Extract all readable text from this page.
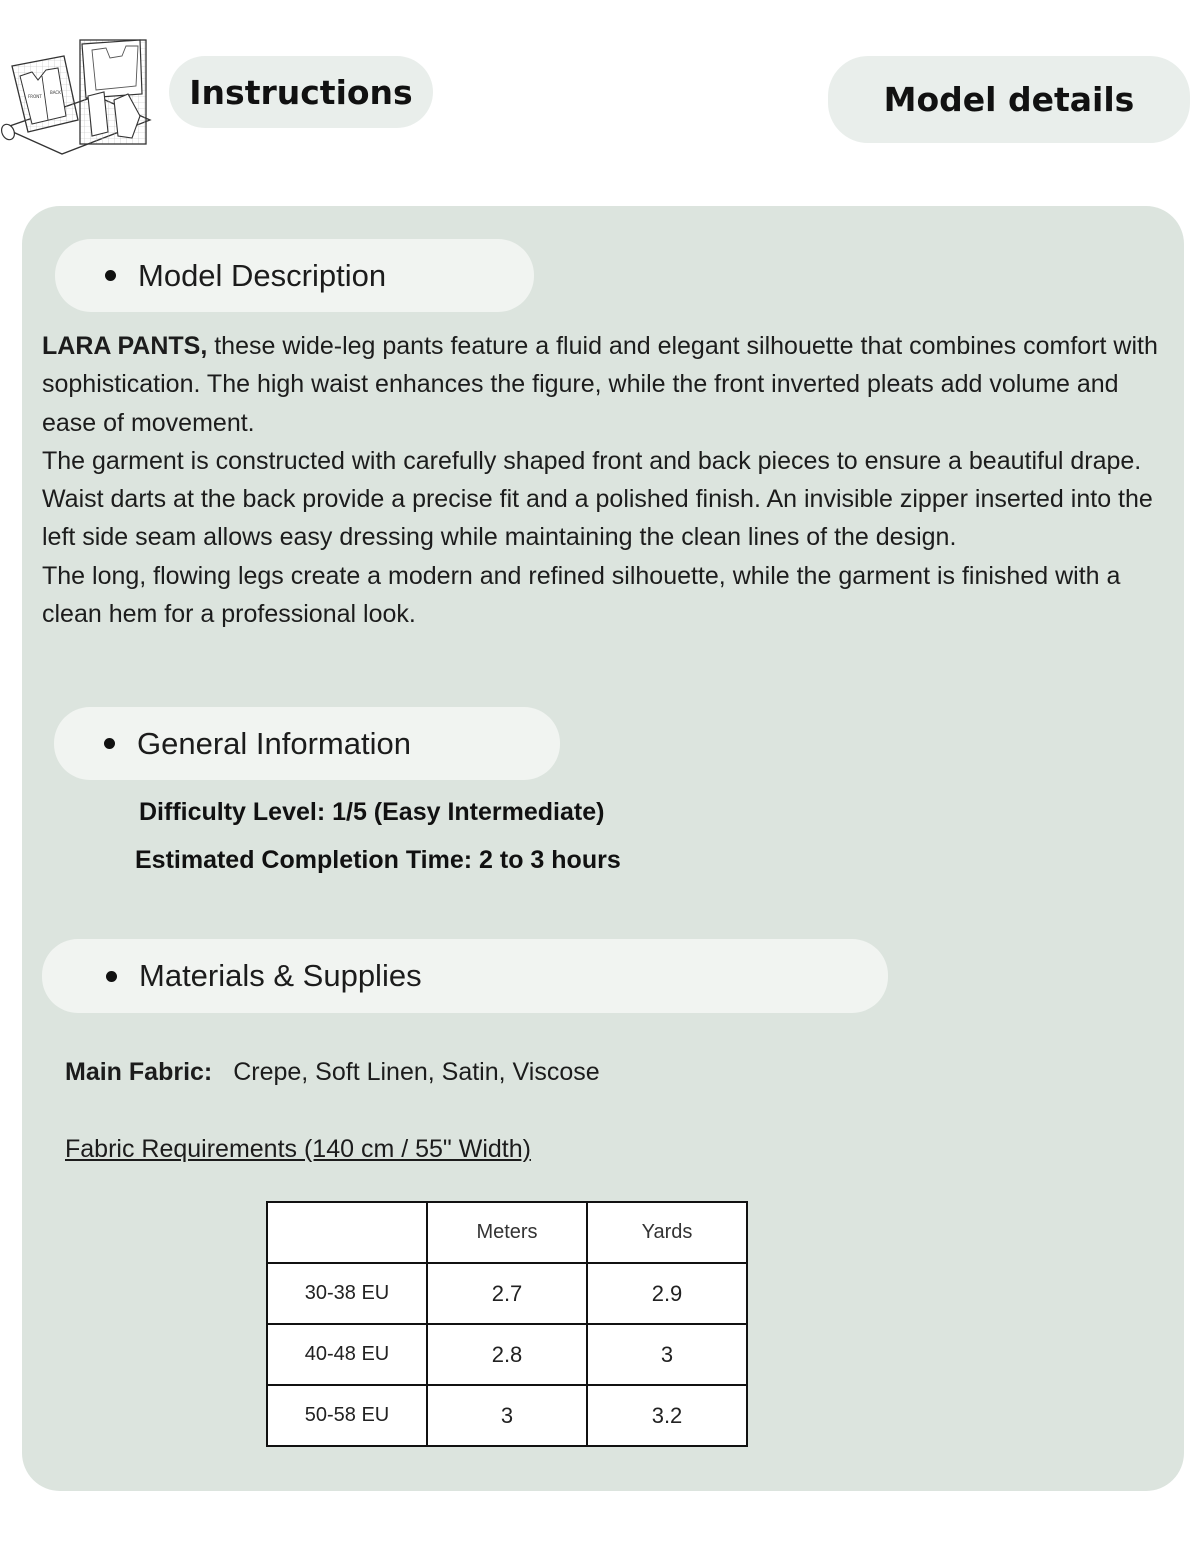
FRONT
BACK	Instructions	Model details
Model Description

LARA PANTS, these wide-leg pants feature a fluid and elegant silhouette that combines comfort with sophistication. The high waist enhances the figure, while the front inverted pleats add volume and ease of movement.

The garment is constructed with carefully shaped front and back pieces to ensure a beautiful drape. Waist darts at the back provide a precise fit and a polished finish. An invisible zipper inserted into the left side seam allows easy dressing while maintaining the clean lines of the design.

The long, flowing legs create a modern and refined silhouette, while the garment is finished with a clean hem for a professional look.

General Information
Difficulty Level: 1/5 (Easy Intermediate)
Estimated Completion Time: 2 to 3 hours
Materials & Supplies
Main Fabric: Crepe, Soft Linen, Satin, Viscose
Fabric Requirements (140 cm / 55" Width)
	Meters	Yards
30-38 EU	2.7	2.9
40-48 EU	2.8	3
50-58 EU	3	3.2
